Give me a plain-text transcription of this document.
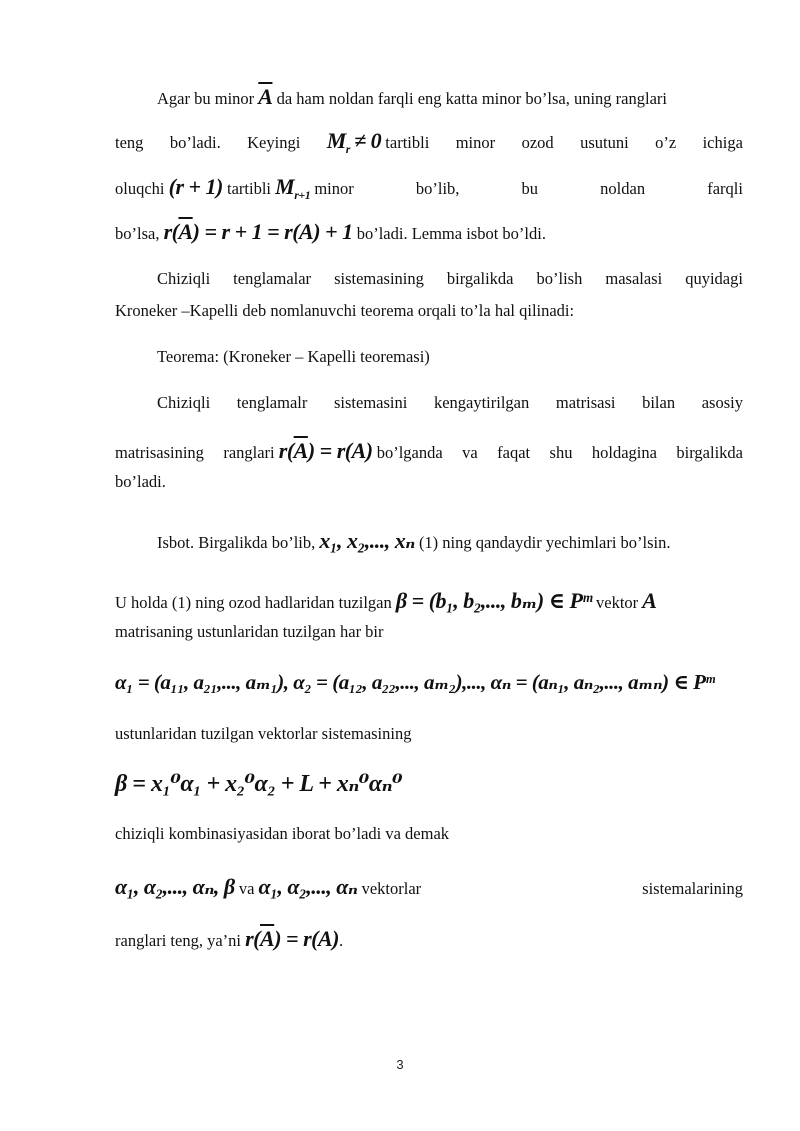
Agar bu minor $\overline{A}$ da ham noldan farqli eng katta minor bo’lsa, uning ranglari
teng bo’ladi. Keyingi $M_r \ne 0$ tartibli minor ozod usutuni o’z ichiga
oluqchi (r + 1) tartibli $M_{r+1}$ minor	bo’lib,	bu	noldan	farqli
bo’lsa, $r(\overline{A}) = r + 1 = r(A) + 1$ bo’ladi. Lemma isbot bo’ldi.
Chiziqli tenglamalar sistemasining birgalikda bo’lish masalasi quyidagi
Kroneker –Kapelli deb nomlanuvchi teorema orqali to’la hal qilinadi:
Teorema: (Kroneker – Kapelli teoremasi)
Chiziqli tenglamalr sistemasini kengaytirilgan matrisasi bilan asosiy
matrisasining ranglari $r(\overline{A}) = r(A)$ bo’lganda va faqat shu holdagina birgalikda
bo’ladi.
Isbot. Birgalikda bo’lib, x₁, x₂,..., xₙ (1) ning qandaydir yechimlari bo’lsin.
U holda (1) ning ozod hadlaridan tuzilgan β = (b₁, b₂,..., bₘ) ∈ Pᵐ vektor A
matrisaning ustunlaridan tuzilgan har bir
α₁ = (a₁₁, a₂₁,..., aₘ₁), α₂ = (a₁₂, a₂₂,..., aₘ₂),..., αₙ = (aₙ₁, aₙ₂,..., aₘₙ) ∈ Pᵐ
ustunlaridan tuzilgan vektorlar sistemasining
β = x₁⁰α₁ + x₂⁰α₂ + L + xₙ⁰αₙ⁰
chiziqli kombinasiyasidan iborat bo’ladi va demak
α₁, α₂,..., αₙ, β va α₁, α₂,..., αₙ vektorlar	sistemalarining
ranglari teng, ya’ni $r(\overline{A}) = r(A)$.
3
